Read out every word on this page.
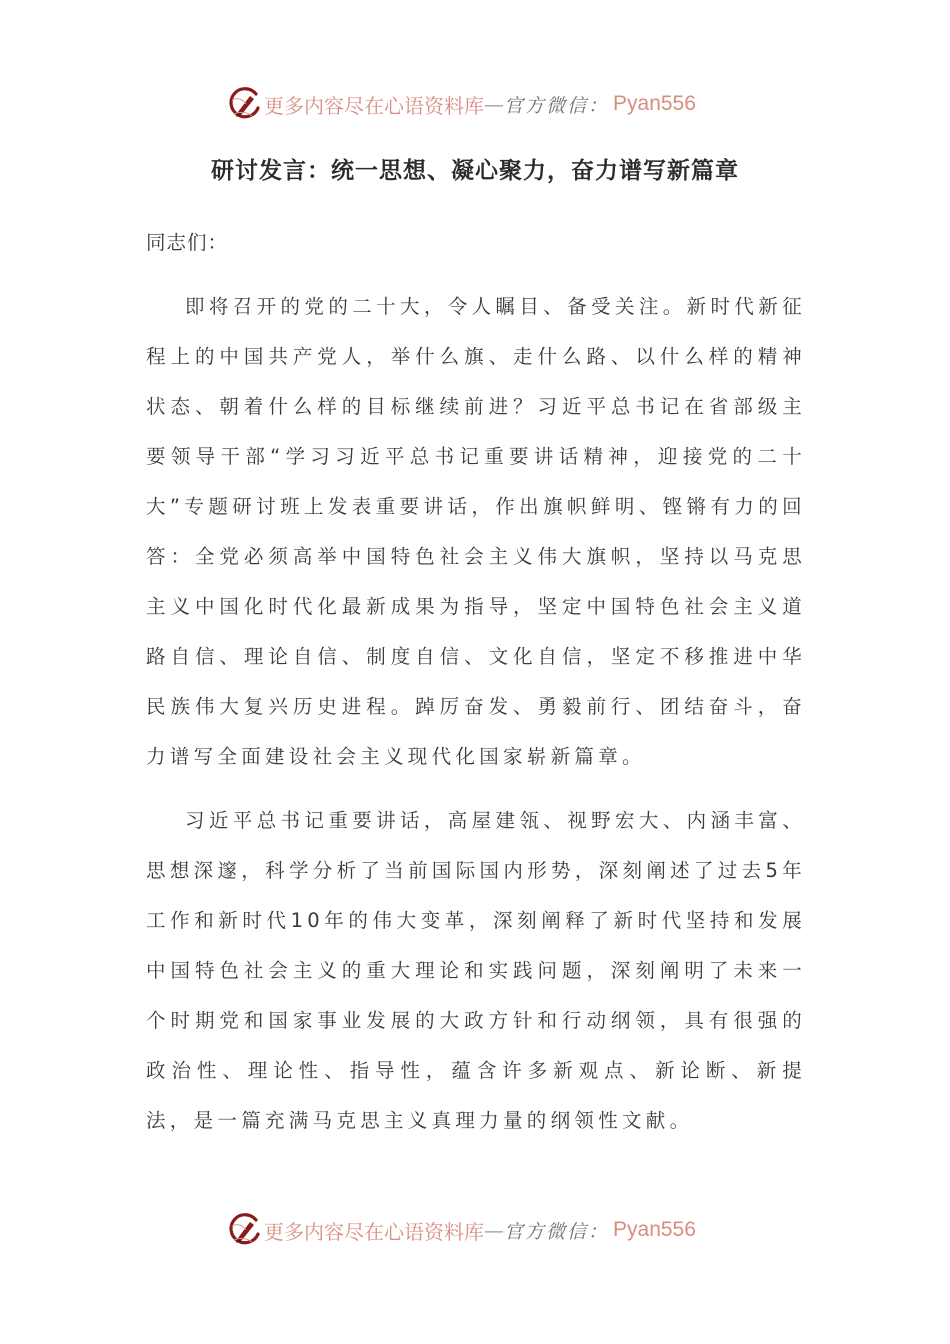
更多内容尽在心语资料库 — 官方微信： Pyan556
研讨发言：统一思想、凝心聚力，奋力谱写新篇章

同志们：

即将召开的党的二十大，令人瞩目、备受关注。新时代新征程上的中国共产党人，举什么旗、走什么路、以什么样的精神状态、朝着什么样的目标继续前进？习近平总书记在省部级主要领导干部“学习习近平总书记重要讲话精神，迎接党的二十大”专题研讨班上发表重要讲话，作出旗帜鲜明、铿锵有力的回答：全党必须高举中国特色社会主义伟大旗帜，坚持以马克思主义中国化时代化最新成果为指导，坚定中国特色社会主义道路自信、理论自信、制度自信、文化自信，坚定不移推进中华民族伟大复兴历史进程。踔厉奋发、勇毅前行、团结奋斗，奋力谱写全面建设社会主义现代化国家崭新篇章。

习近平总书记重要讲话，高屋建瓴、视野宏大、内涵丰富、思想深邃，科学分析了当前国际国内形势，深刻阐述了过去5年工作和新时代10年的伟大变革，深刻阐释了新时代坚持和发展中国特色社会主义的重大理论和实践问题，深刻阐明了未来一个时期党和国家事业发展的大政方针和行动纲领，具有很强的政治性、理论性、指导性，蕴含许多新观点、新论断、新提法，是一篇充满马克思主义真理力量的纲领性文献。

更多内容尽在心语资料库 — 官方微信： Pyan556
